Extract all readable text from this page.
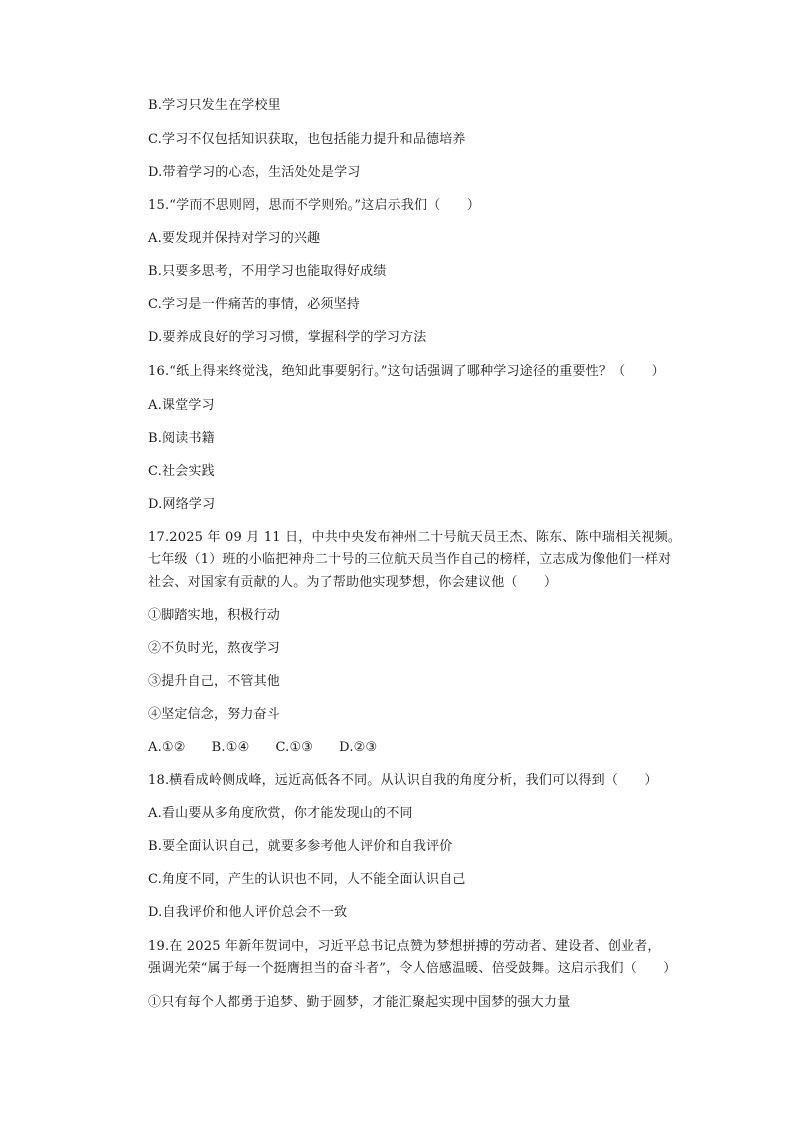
B.学习只发生在学校里
C.学习不仅包括知识获取，也包括能力提升和品德培养
D.带着学习的心态，生活处处是学习
15.“学而不思则罔，思而不学则殆。”这启示我们（　　）
A.要发现并保持对学习的兴趣
B.只要多思考，不用学习也能取得好成绩
C.学习是一件痛苦的事情，必须坚持
D.要养成良好的学习习惯，掌握科学的学习方法
16.“纸上得来终觉浅，绝知此事要躬行。”这句话强调了哪种学习途径的重要性？（　　）
A.课堂学习
B.阅读书籍
C.社会实践
D.网络学习
17.2025 年 09 月 11 日，中共中央发布神州二十号航天员王杰、陈东、陈中瑞相关视频。
七年级（1）班的小临把神舟二十号的三位航天员当作自己的榜样，立志成为像他们一样对
社会、对国家有贡献的人。为了帮助他实现梦想，你会建议他（　　）
①脚踏实地，积极行动
②不负时光，熬夜学习
③提升自己，不管其他
④坚定信念，努力奋斗
A.①② B.①④ C.①③ D.②③
18.横看成岭侧成峰，远近高低各不同。从认识自我的角度分析，我们可以得到（　　）
A.看山要从多角度欣赏，你才能发现山的不同
B.要全面认识自己，就要多参考他人评价和自我评价
C.角度不同，产生的认识也不同，人不能全面认识自己
D.自我评价和他人评价总会不一致
19.在 2025 年新年贺词中，习近平总书记点赞为梦想拼搏的劳动者、建设者、创业者，
强调光荣“属于每一个挺膺担当的奋斗者”，令人倍感温暖、倍受鼓舞。这启示我们（　　）
①只有每个人都勇于追梦、勤于圆梦，才能汇聚起实现中国梦的强大力量
